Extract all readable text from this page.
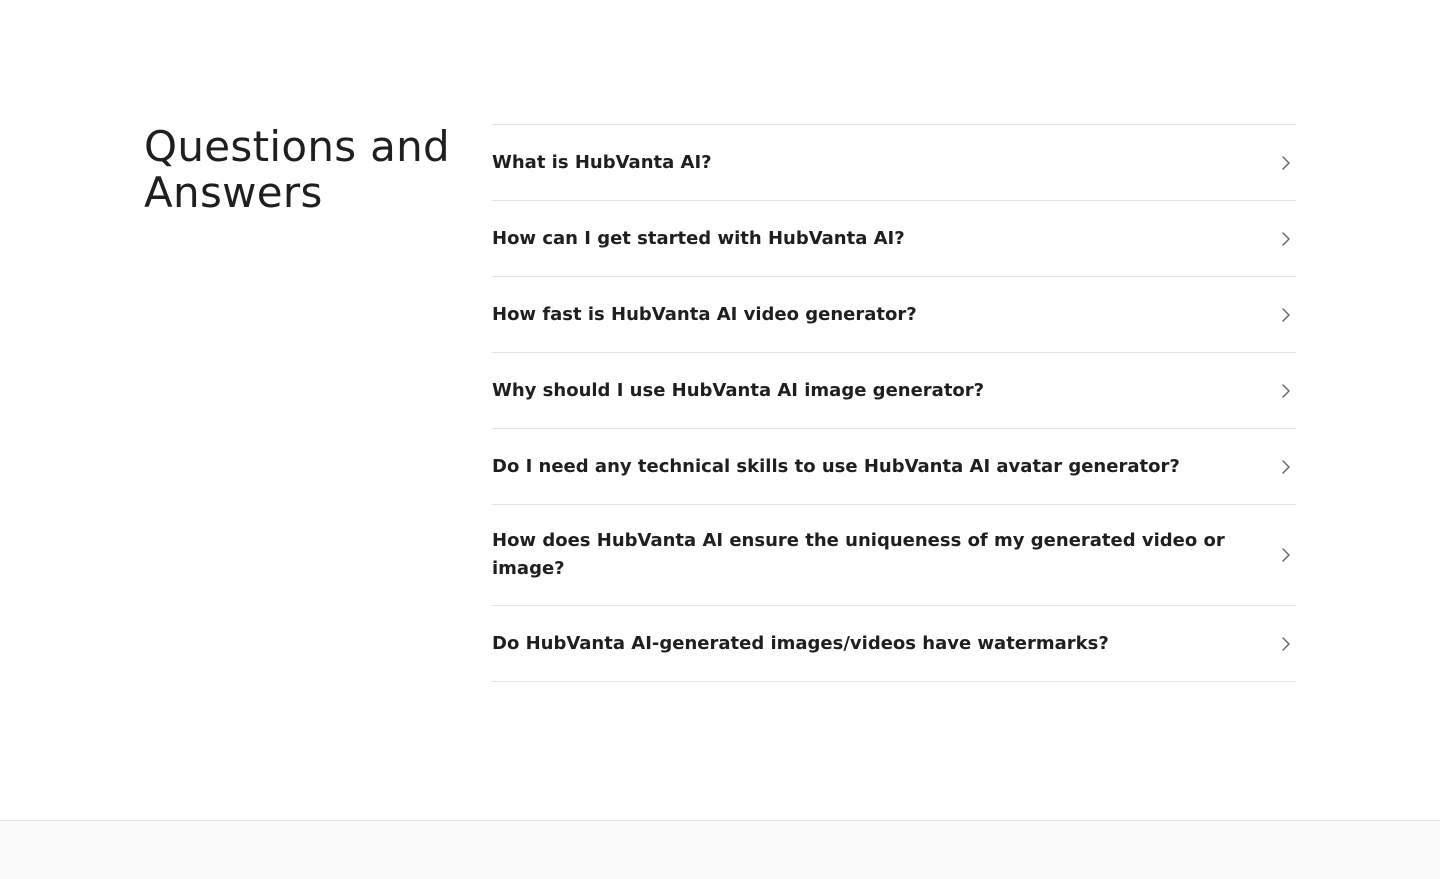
Questions and Answers
What is HubVanta AI?
How can I get started with HubVanta AI?
How fast is HubVanta AI video generator?
Why should I use HubVanta AI image generator?
Do I need any technical skills to use HubVanta AI avatar generator?
How does HubVanta AI ensure the uniqueness of my generated video or image?
Do HubVanta AI-generated images/videos have watermarks?
